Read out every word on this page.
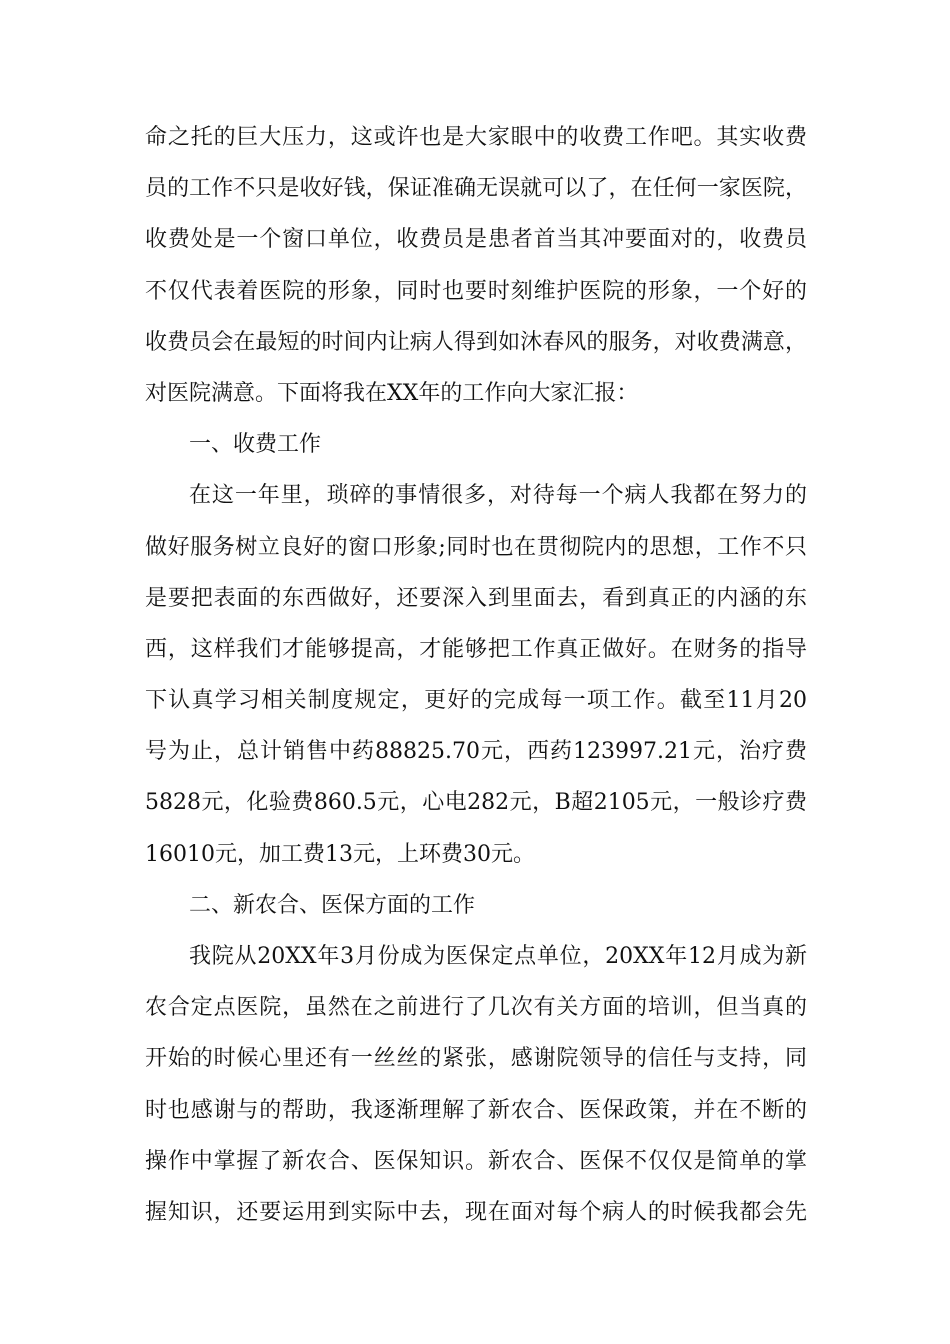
命之托的巨大压力，这或许也是大家眼中的收费工作吧。其实收费
员的工作不只是收好钱，保证准确无误就可以了，在任何一家医院，
收费处是一个窗口单位，收费员是患者首当其冲要面对的，收费员
不仅代表着医院的形象，同时也要时刻维护医院的形象，一个好的
收费员会在最短的时间内让病人得到如沐春风的服务，对收费满意，
对医院满意。下面将我在XX年的工作向大家汇报：
一、收费工作
在这一年里，琐碎的事情很多，对待每一个病人我都在努力的
做好服务树立良好的窗口形象;同时也在贯彻院内的思想，工作不只
是要把表面的东西做好，还要深入到里面去，看到真正的内涵的东
西，这样我们才能够提高，才能够把工作真正做好。在财务的指导
下认真学习相关制度规定，更好的完成每一项工作。截至11月20
号为止，总计销售中药88825.70元，西药123997.21元，治疗费
5828元，化验费860.5元，心电282元，B超2105元，一般诊疗费
16010元，加工费13元，上环费30元。
二、新农合、医保方面的工作
我院从20XX年3月份成为医保定点单位，20XX年12月成为新
农合定点医院，虽然在之前进行了几次有关方面的培训，但当真的
开始的时候心里还有一丝丝的紧张，感谢院领导的信任与支持，同
时也感谢与的帮助，我逐渐理解了新农合、医保政策，并在不断的
操作中掌握了新农合、医保知识。新农合、医保不仅仅是简单的掌
握知识，还要运用到实际中去，现在面对每个病人的时候我都会先
